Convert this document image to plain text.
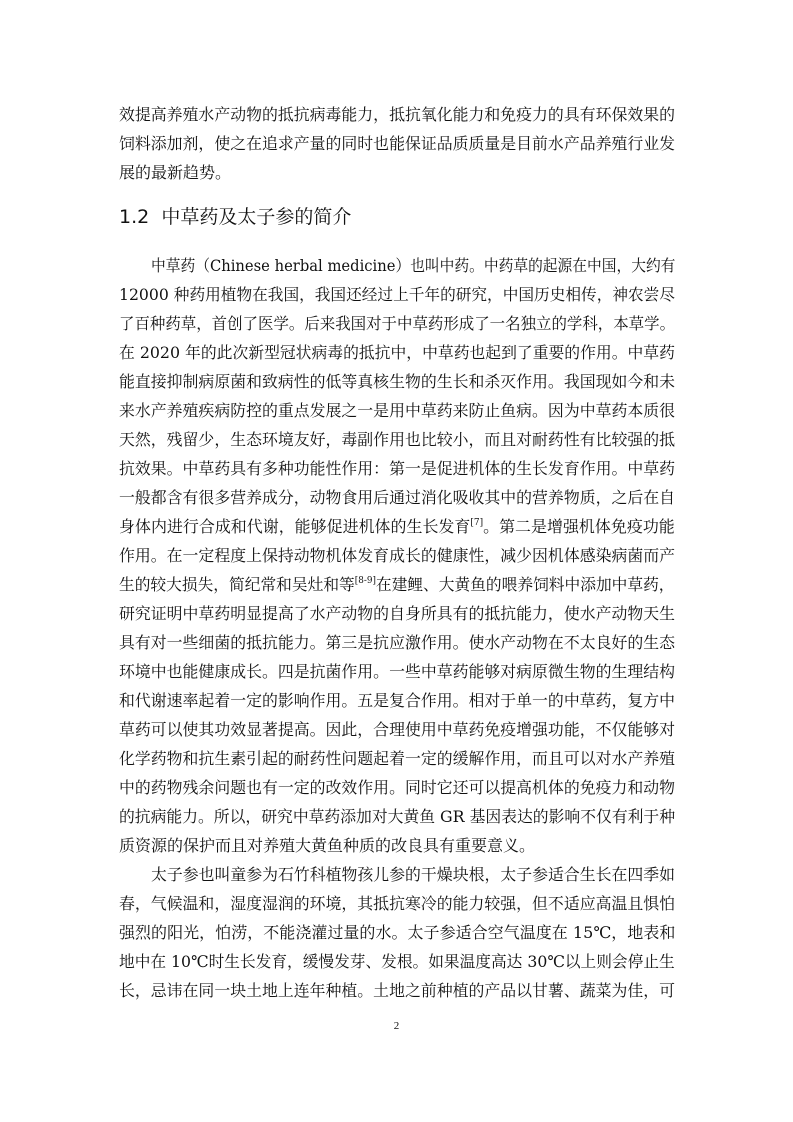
效提高养殖水产动物的抵抗病毒能力，抵抗氧化能力和免疫力的具有环保效果的
饲料添加剂，使之在追求产量的同时也能保证品质质量是目前水产品养殖行业发
展的最新趋势。
1.2 中草药及太子参的简介
中草药（Chinese herbal medicine）也叫中药。中药草的起源在中国，大约有
12000 种药用植物在我国，我国还经过上千年的研究，中国历史相传，神农尝尽
了百种药草，首创了医学。后来我国对于中草药形成了一名独立的学科，本草学。
在 2020 年的此次新型冠状病毒的抵抗中，中草药也起到了重要的作用。中草药
能直接抑制病原菌和致病性的低等真核生物的生长和杀灭作用。我国现如今和未
来水产养殖疾病防控的重点发展之一是用中草药来防止鱼病。因为中草药本质很
天然，残留少，生态环境友好，毒副作用也比较小，而且对耐药性有比较强的抵
抗效果。中草药具有多种功能性作用：第一是促进机体的生长发育作用。中草药
一般都含有很多营养成分，动物食用后通过消化吸收其中的营养物质，之后在自
身体内进行合成和代谢，能够促进机体的生长发育[7]。第二是增强机体免疫功能
作用。在一定程度上保持动物机体发育成长的健康性，减少因机体感染病菌而产
生的较大损失，简纪常和吴灶和等[8-9]在建鲤、大黄鱼的喂养饲料中添加中草药，
研究证明中草药明显提高了水产动物的自身所具有的抵抗能力，使水产动物天生
具有对一些细菌的抵抗能力。第三是抗应激作用。使水产动物在不太良好的生态
环境中也能健康成长。四是抗菌作用。一些中草药能够对病原微生物的生理结构
和代谢速率起着一定的影响作用。五是复合作用。相对于单一的中草药，复方中
草药可以使其功效显著提高。因此，合理使用中草药免疫增强功能，不仅能够对
化学药物和抗生素引起的耐药性问题起着一定的缓解作用，而且可以对水产养殖
中的药物残余问题也有一定的改效作用。同时它还可以提高机体的免疫力和动物
的抗病能力。所以，研究中草药添加对大黄鱼 GR 基因表达的影响不仅有利于种
质资源的保护而且对养殖大黄鱼种质的改良具有重要意义。
太子参也叫童参为石竹科植物孩儿参的干燥块根，太子参适合生长在四季如
春，气候温和，湿度湿润的环境，其抵抗寒冷的能力较强，但不适应高温且惧怕
强烈的阳光，怕涝，不能浇灌过量的水。太子参适合空气温度在 15℃，地表和
地中在 10℃时生长发育，缓慢发芽、发根。如果温度高达 30℃以上则会停止生
长，忌讳在同一块土地上连年种植。土地之前种植的产品以甘薯、蔬菜为佳，可
2
